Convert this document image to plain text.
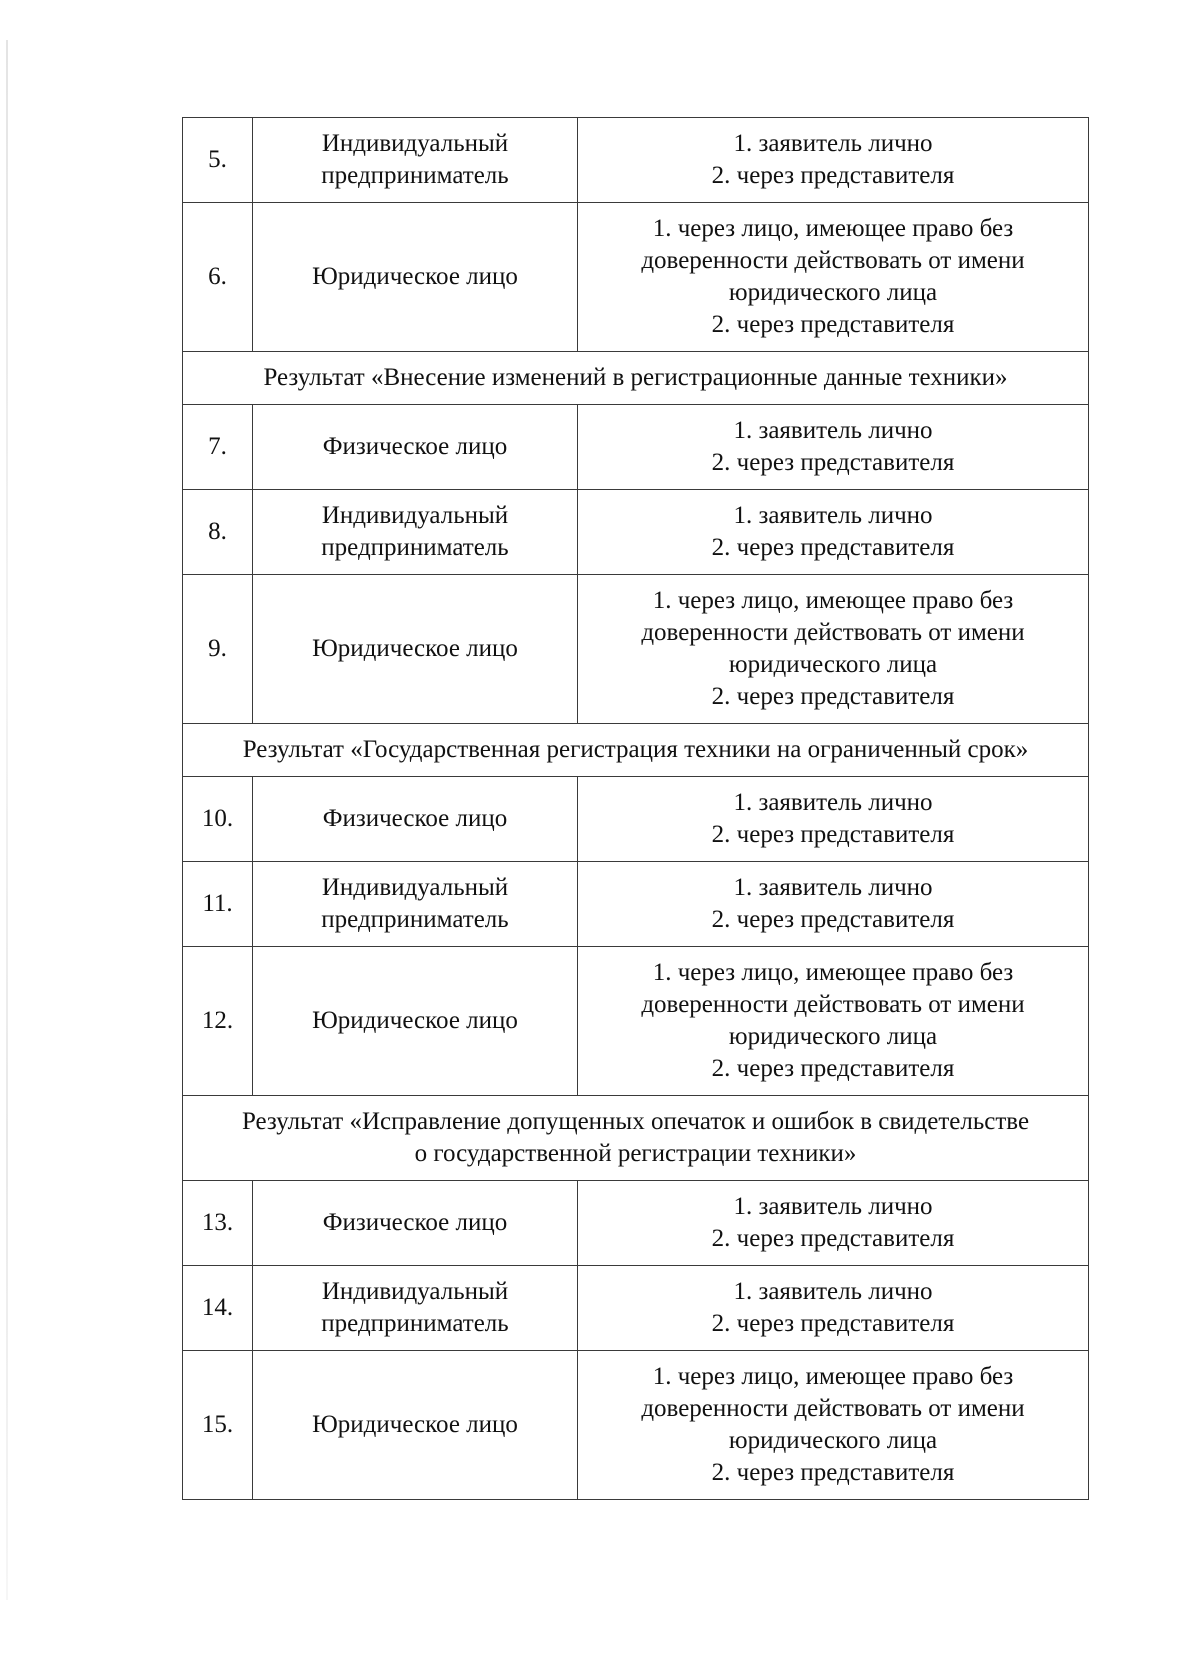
5.	Индивидуальный
предприниматель	1. заявитель лично
2. через представителя

6.	Юридическое лицо	1. через лицо, имеющее право без
доверенности действовать от имени
юридического лица
2. через представителя

Результат «Внесение изменений в регистрационные данные техники»		

7.	Физическое лицо	1. заявитель лично
2. через представителя

8.	Индивидуальный
предприниматель	1. заявитель лично
2. через представителя

9.	Юридическое лицо	1. через лицо, имеющее право без
доверенности действовать от имени
юридического лица
2. через представителя

Результат «Государственная регистрация техники на ограниченный срок»		

10.	Физическое лицо	1. заявитель лично
2. через представителя

11.	Индивидуальный
предприниматель	1. заявитель лично
2. через представителя

12.	Юридическое лицо	1. через лицо, имеющее право без
доверенности действовать от имени
юридического лица
2. через представителя

Результат «Исправление допущенных опечаток и ошибок в свидетельстве
о государственной регистрации техники»		

13.	Физическое лицо	1. заявитель лично
2. через представителя

14.	Индивидуальный
предприниматель	1. заявитель лично
2. через представителя

15.	Юридическое лицо	1. через лицо, имеющее право без
доверенности действовать от имени
юридического лица
2. через представителя
